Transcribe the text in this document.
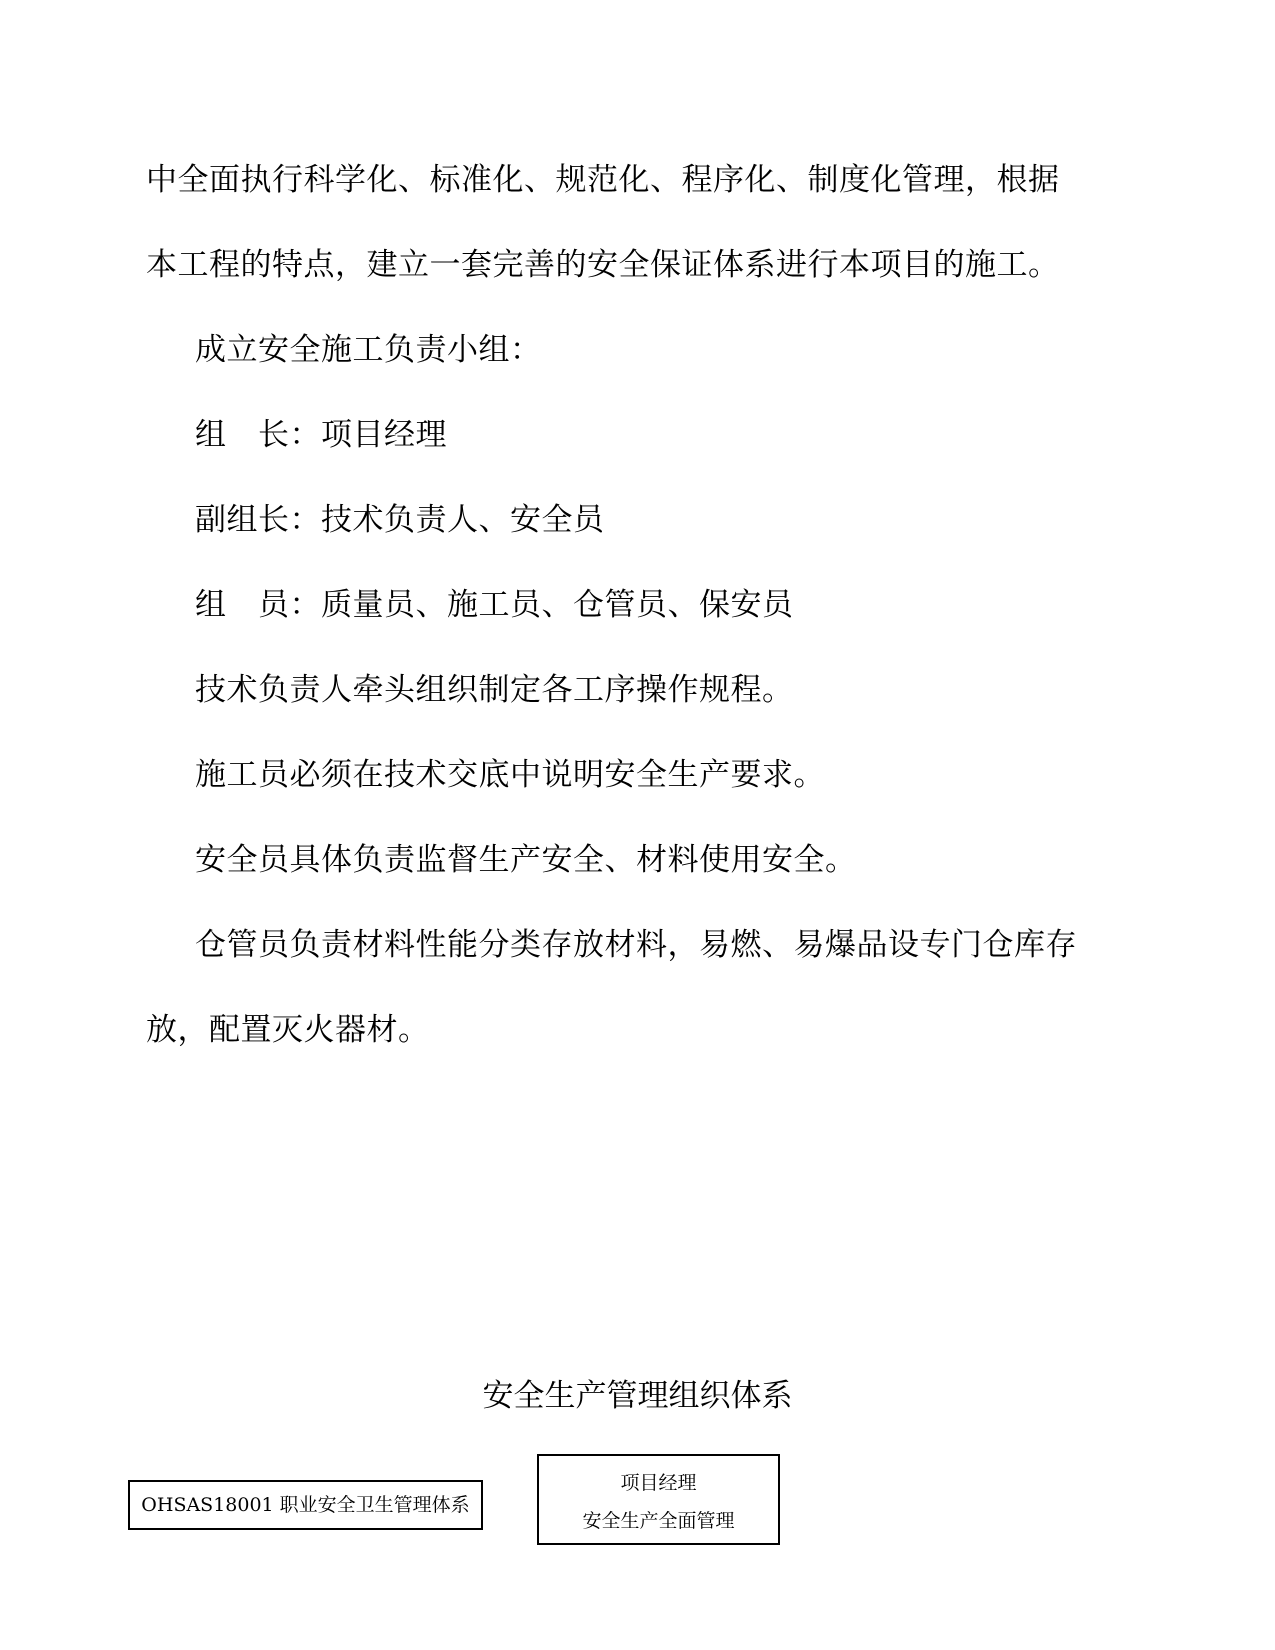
中全面执行科学化、标准化、规范化、程序化、制度化管理，根据
本工程的特点，建立一套完善的安全保证体系进行本项目的施工。
成立安全施工负责小组：
组　长：项目经理
副组长：技术负责人、安全员
组　员：质量员、施工员、仓管员、保安员
技术负责人牵头组织制定各工序操作规程。
施工员必须在技术交底中说明安全生产要求。
安全员具体负责监督生产安全、材料使用安全。
仓管员负责材料性能分类存放材料，易燃、易爆品设专门仓库存
放，配置灭火器材。
安全生产管理组织体系
OHSAS18001 职业安全卫生管理体系
项目经理
安全生产全面管理
